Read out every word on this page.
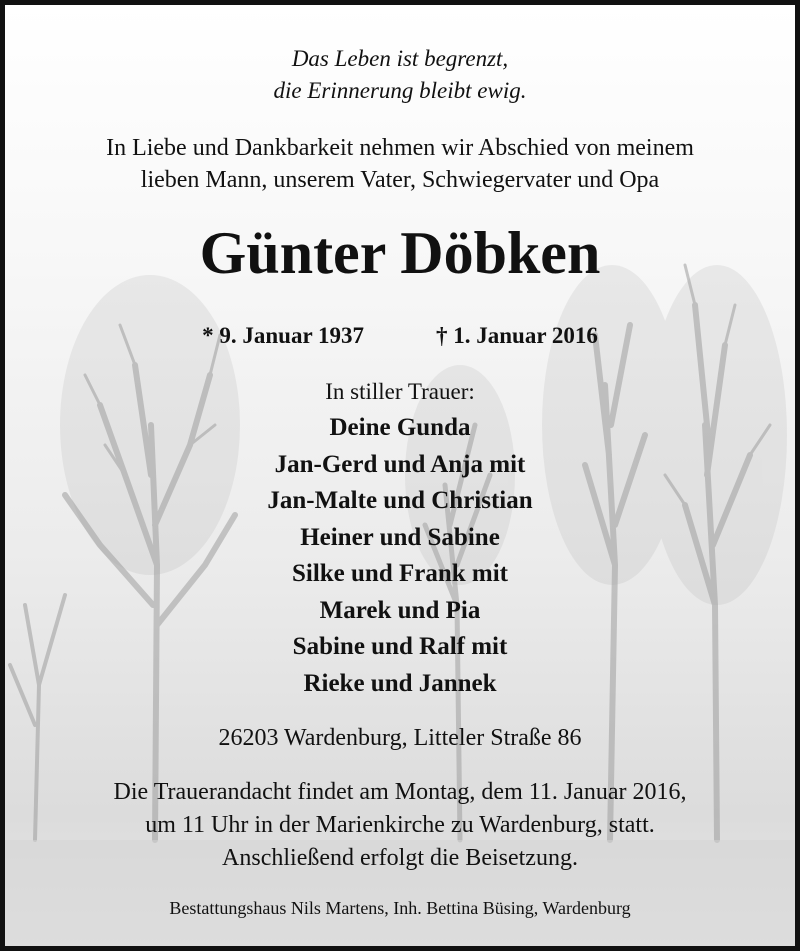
Das Leben ist begrenzt,
die Erinnerung bleibt ewig.
In Liebe und Dankbarkeit nehmen wir Abschied von meinem
lieben Mann, unserem Vater, Schwiegervater und Opa
Günter Döbken
* 9. Januar 1937	† 1. Januar 2016
In stiller Trauer:
Deine Gunda
Jan-Gerd und Anja mit
Jan-Malte und Christian
Heiner und Sabine
Silke und Frank mit
Marek und Pia
Sabine und Ralf mit
Rieke und Jannek
26203 Wardenburg, Litteler Straße 86
Die Trauerandacht findet am Montag, dem 11. Januar 2016,
um 11 Uhr in der Marienkirche zu Wardenburg, statt.
Anschließend erfolgt die Beisetzung.
Bestattungshaus Nils Martens, Inh. Bettina Büsing, Wardenburg
